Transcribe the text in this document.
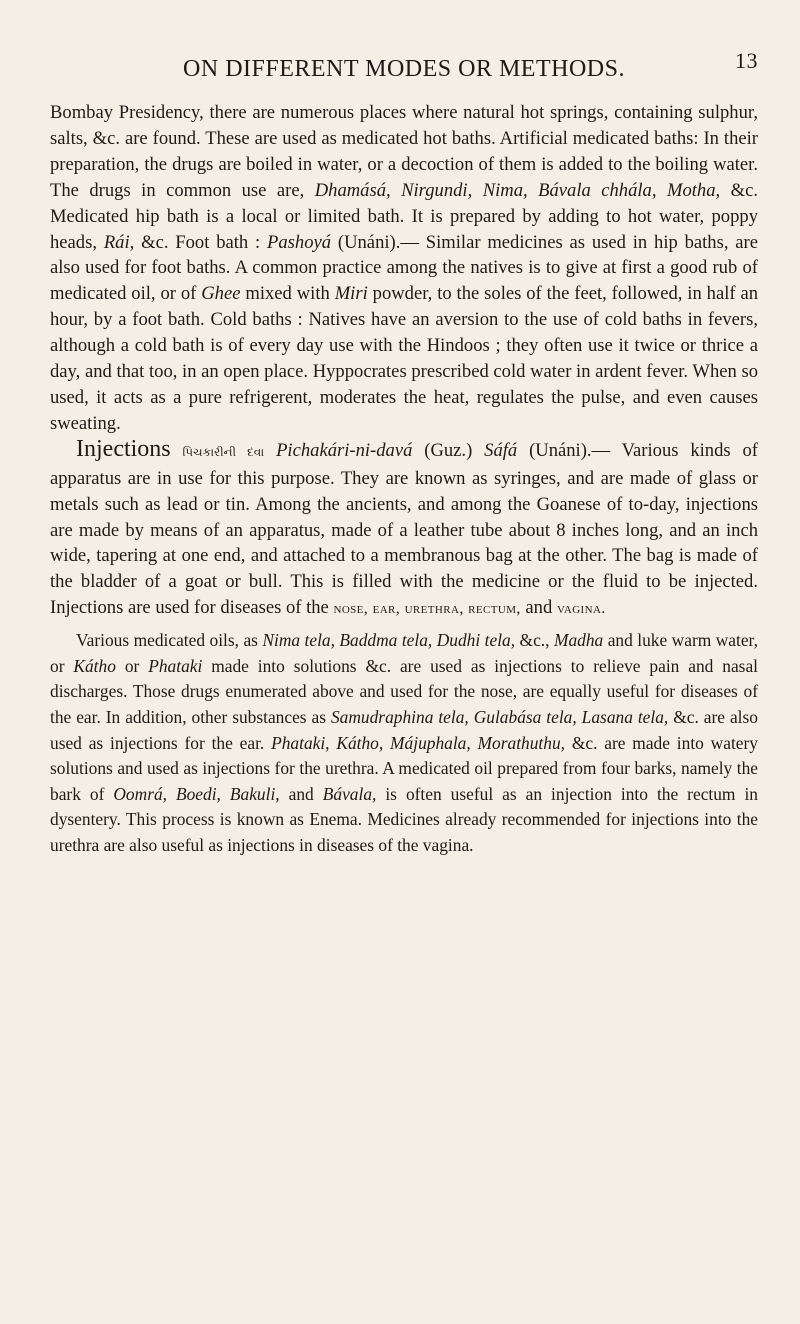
ON DIFFERENT MODES OR METHODS.	13

Bombay Presidency, there are numerous places where natural hot springs, containing sulphur, salts, &c. are found. These are used as medicated hot baths. Artificial medicated baths: In their preparation, the drugs are boiled in water, or a decoction of them is added to the boiling water. The drugs in common use are, Dhamásá, Nirgundi, Nima, Bávala chhála, Motha, &c. Medicated hip bath is a local or limited bath. It is prepared by adding to hot water, poppy heads, Rái, &c. Foot bath : Pashoyá (Unáni).— Similar medicines as used in hip baths, are also used for foot baths. A common practice among the natives is to give at first a good rub of medicated oil, or of Ghee mixed with Miri powder, to the soles of the feet, followed, in half an hour, by a foot bath. Cold baths : Natives have an aversion to the use of cold baths in fevers, although a cold bath is of every day use with the Hindoos ; they often use it twice or thrice a day, and that too, in an open place. Hyppocrates prescribed cold water in ardent fever. When so used, it acts as a pure refrigerent, moderates the heat, regulates the pulse, and even causes sweating.

Injections પિચકારીની દવા Pichakári-ni-davá (Guz.) Sáfá (Unáni).— Various kinds of apparatus are in use for this purpose. They are known as syringes, and are made of glass or metals such as lead or tin. Among the ancients, and among the Goanese of to-day, injections are made by means of an apparatus, made of a leather tube about 8 inches long, and an inch wide, tapering at one end, and attached to a membranous bag at the other. The bag is made of the bladder of a goat or bull. This is filled with the medicine or the fluid to be injected. Injections are used for diseases of the nose, ear, urethra, rectum, and vagina.

Various medicated oils, as Nima tela, Baddma tela, Dudhi tela, &c., Madha and luke warm water, or Kátho or Phataki made into solutions &c. are used as injections to relieve pain and nasal discharges. Those drugs enumerated above and used for the nose, are equally useful for diseases of the ear. In addition, other substances as Samudraphina tela, Gulabása tela, Lasana tela, &c. are also used as injections for the ear. Phataki, Kátho, Májuphala, Morathuthu, &c. are made into watery solutions and used as injections for the urethra. A medicated oil prepared from four barks, namely the bark of Oomrá, Boedi, Bakuli, and Bávala, is often useful as an injection into the rectum in dysentery. This process is known as Enema. Medicines already recommended for injections into the urethra are also useful as injections in diseases of the vagina.
